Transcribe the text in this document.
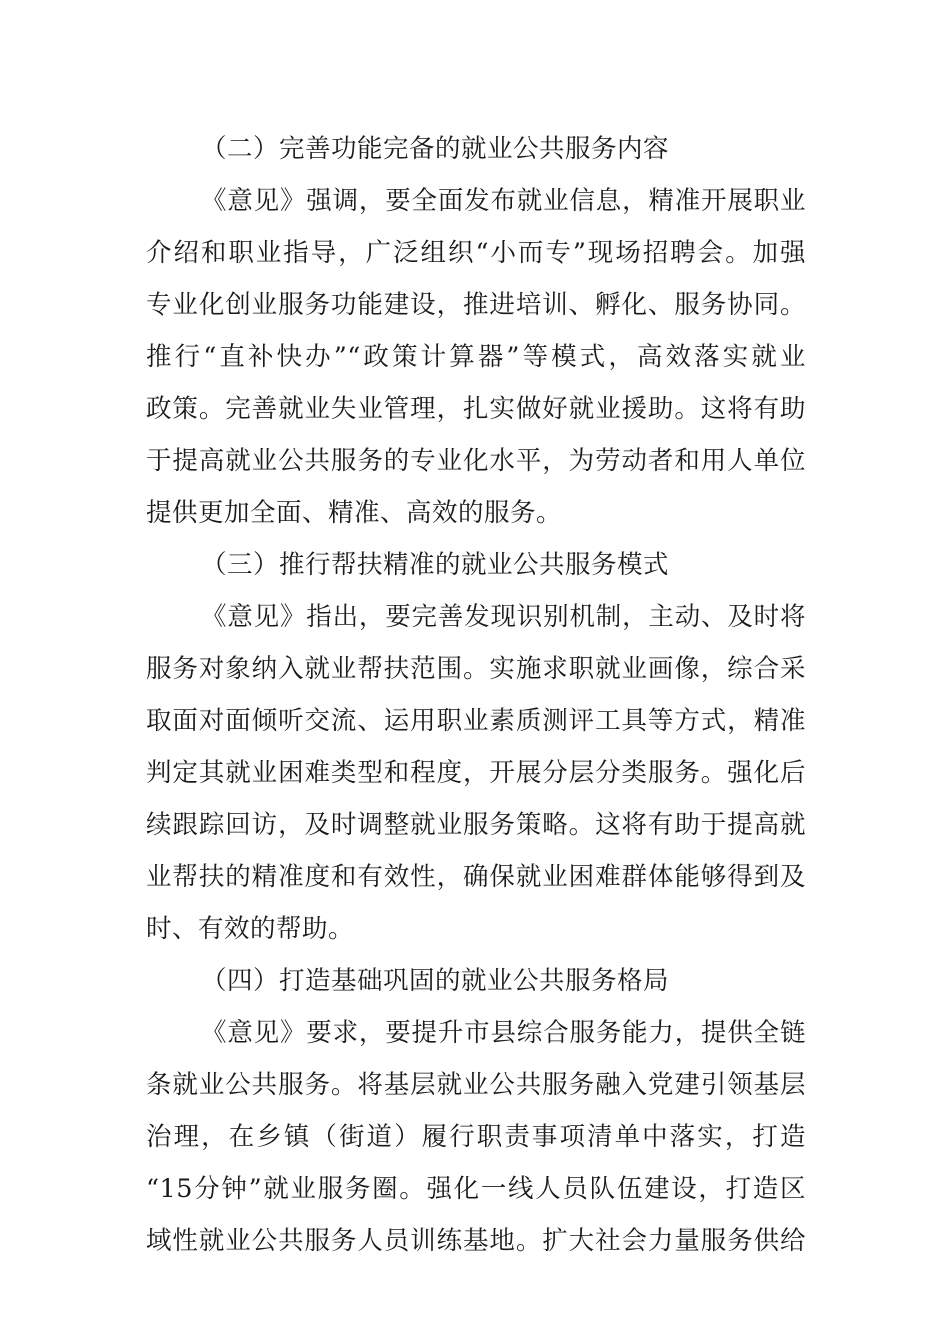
（二）完善功能完备的就业公共服务内容
《意见》强调，要全面发布就业信息，精准开展职业
介绍和职业指导，广泛组织“小而专”现场招聘会。加强
专业化创业服务功能建设，推进培训、孵化、服务协同。
推行“直补快办”“政策计算器”等模式，高效落实就业
政策。完善就业失业管理，扎实做好就业援助。这将有助
于提高就业公共服务的专业化水平，为劳动者和用人单位
提供更加全面、精准、高效的服务。
（三）推行帮扶精准的就业公共服务模式
《意见》指出，要完善发现识别机制，主动、及时将
服务对象纳入就业帮扶范围。实施求职就业画像，综合采
取面对面倾听交流、运用职业素质测评工具等方式，精准
判定其就业困难类型和程度，开展分层分类服务。强化后
续跟踪回访，及时调整就业服务策略。这将有助于提高就
业帮扶的精准度和有效性，确保就业困难群体能够得到及
时、有效的帮助。
（四）打造基础巩固的就业公共服务格局
《意见》要求，要提升市县综合服务能力，提供全链
条就业公共服务。将基层就业公共服务融入党建引领基层
治理，在乡镇（街道）履行职责事项清单中落实，打造
“15分钟”就业服务圈。强化一线人员队伍建设，打造区
域性就业公共服务人员训练基地。扩大社会力量服务供给
